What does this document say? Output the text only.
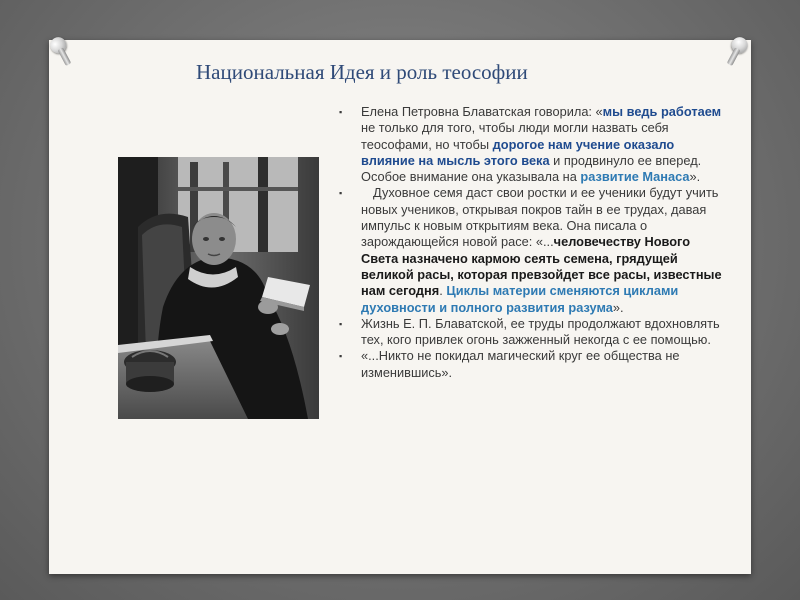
Национальная Идея и роль теософии

▪ Елена Петровна Блаватская говорила: «мы ведь работаем не только для того, чтобы люди могли назвать себя теософами, но чтобы дорогое нам учение оказало влияние на мысль этого века и продвинуло ее вперед. Особое внимание она указывала на развитие Манаса».

▪ Духовное семя даст свои ростки и ее ученики будут учить новых учеников, открывая покров тайн в ее трудах, давая импульс к новым открытиям века. Она писала о зарождающейся новой расе: «...человечеству Нового Света назначено кармою сеять семена, грядущей великой расы, которая превзойдет все расы, известные нам сегодня. Циклы материи сменяются циклами духовности и полного развития разума».

▪ Жизнь Е. П. Блаватской, ее труды продолжают вдохновлять тех, кого привлек огонь зажженный некогда с ее помощью.

▪ «...Никто не покидал магический круг ее общества не изменившись».
